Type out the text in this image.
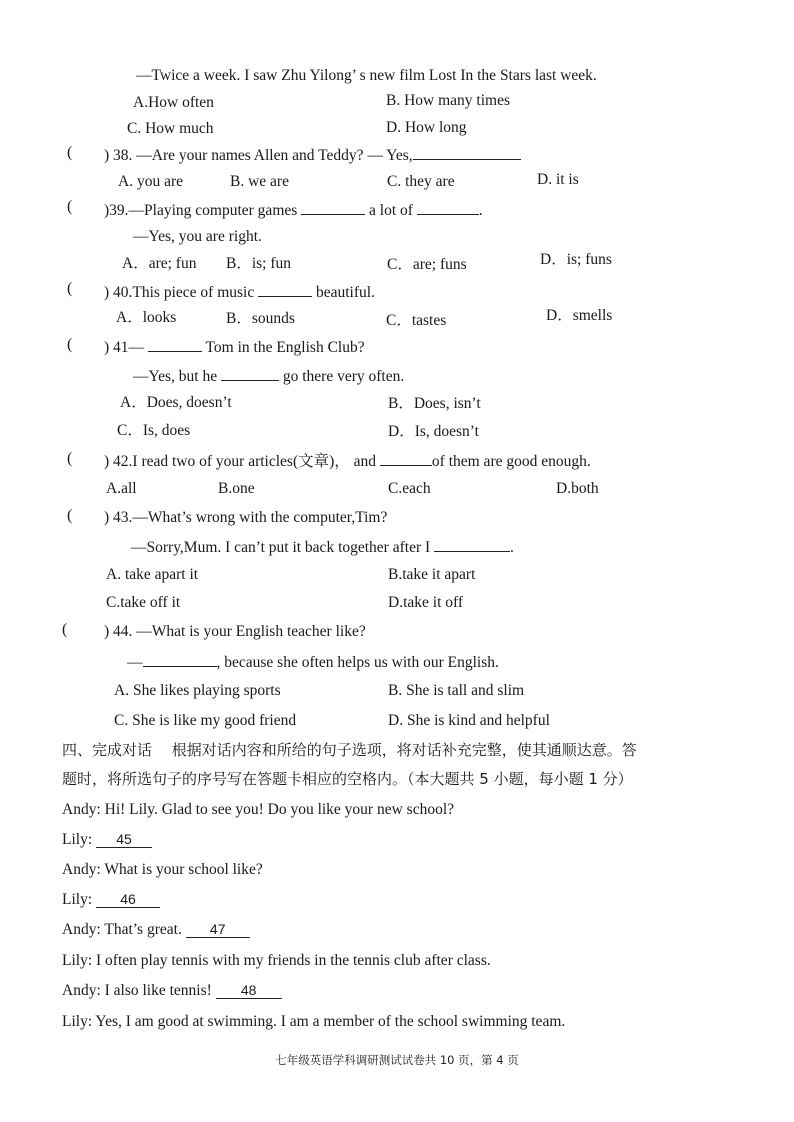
—Twice a week. I saw Zhu Yilong’ s new film Lost In the Stars last week.
A.How often	B. How many times
C. How much	D. How long
( ) 38. —Are your names Allen and Teddy? — Yes,
A. you are	B. we are	C. they are	D. it is
( )39.—Playing computer games	a lot of	.
—Yes, you are right.
A．are; fun B．is; fun	C．are; funs	D．is; funs
( ) 40.This piece of music	beautiful.
A．looks	B．sounds	C．tastes	D．smells
( ) 41—	Tom in the English Club?
—Yes, but he	go there very often.
A．Does, doesn’t	B．Does, isn’t
C．Is, does	D．Is, doesn’t
( ) 42.I read two of your articles(文章)， and	of them are good enough.
A.all	B.one	C.each	D.both
( ) 43.—What’s wrong with the computer,Tim?
—Sorry,Mum. I can’t put it back together after I	.
A. take apart it	B.take it apart
C.take off it	D.take it off
( ) 44. —What is your English teacher like?
—	, because she often helps us with our English.
A. She likes playing sports	B. She is tall and slim
C. She is like my good friend	D. She is kind and helpful
四、完成对话　 根据对话内容和所给的句子选项，将对话补充完整，使其通顺达意。答
题时，将所选句子的序号写在答题卡相应的空格内。（本大题共 5 小题，每小题 1 分）
Andy: Hi! Lily. Glad to see you! Do you like your new school?
Lily: 45
Andy: What is your school like?
Lily: 46
Andy: That’s great. 47
Lily: I often play tennis with my friends in the tennis club after class.
Andy: I also like tennis! 48
Lily: Yes, I am good at swimming. I am a member of the school swimming team.
七年级英语学科调研测试试卷共 10 页，第 4 页
